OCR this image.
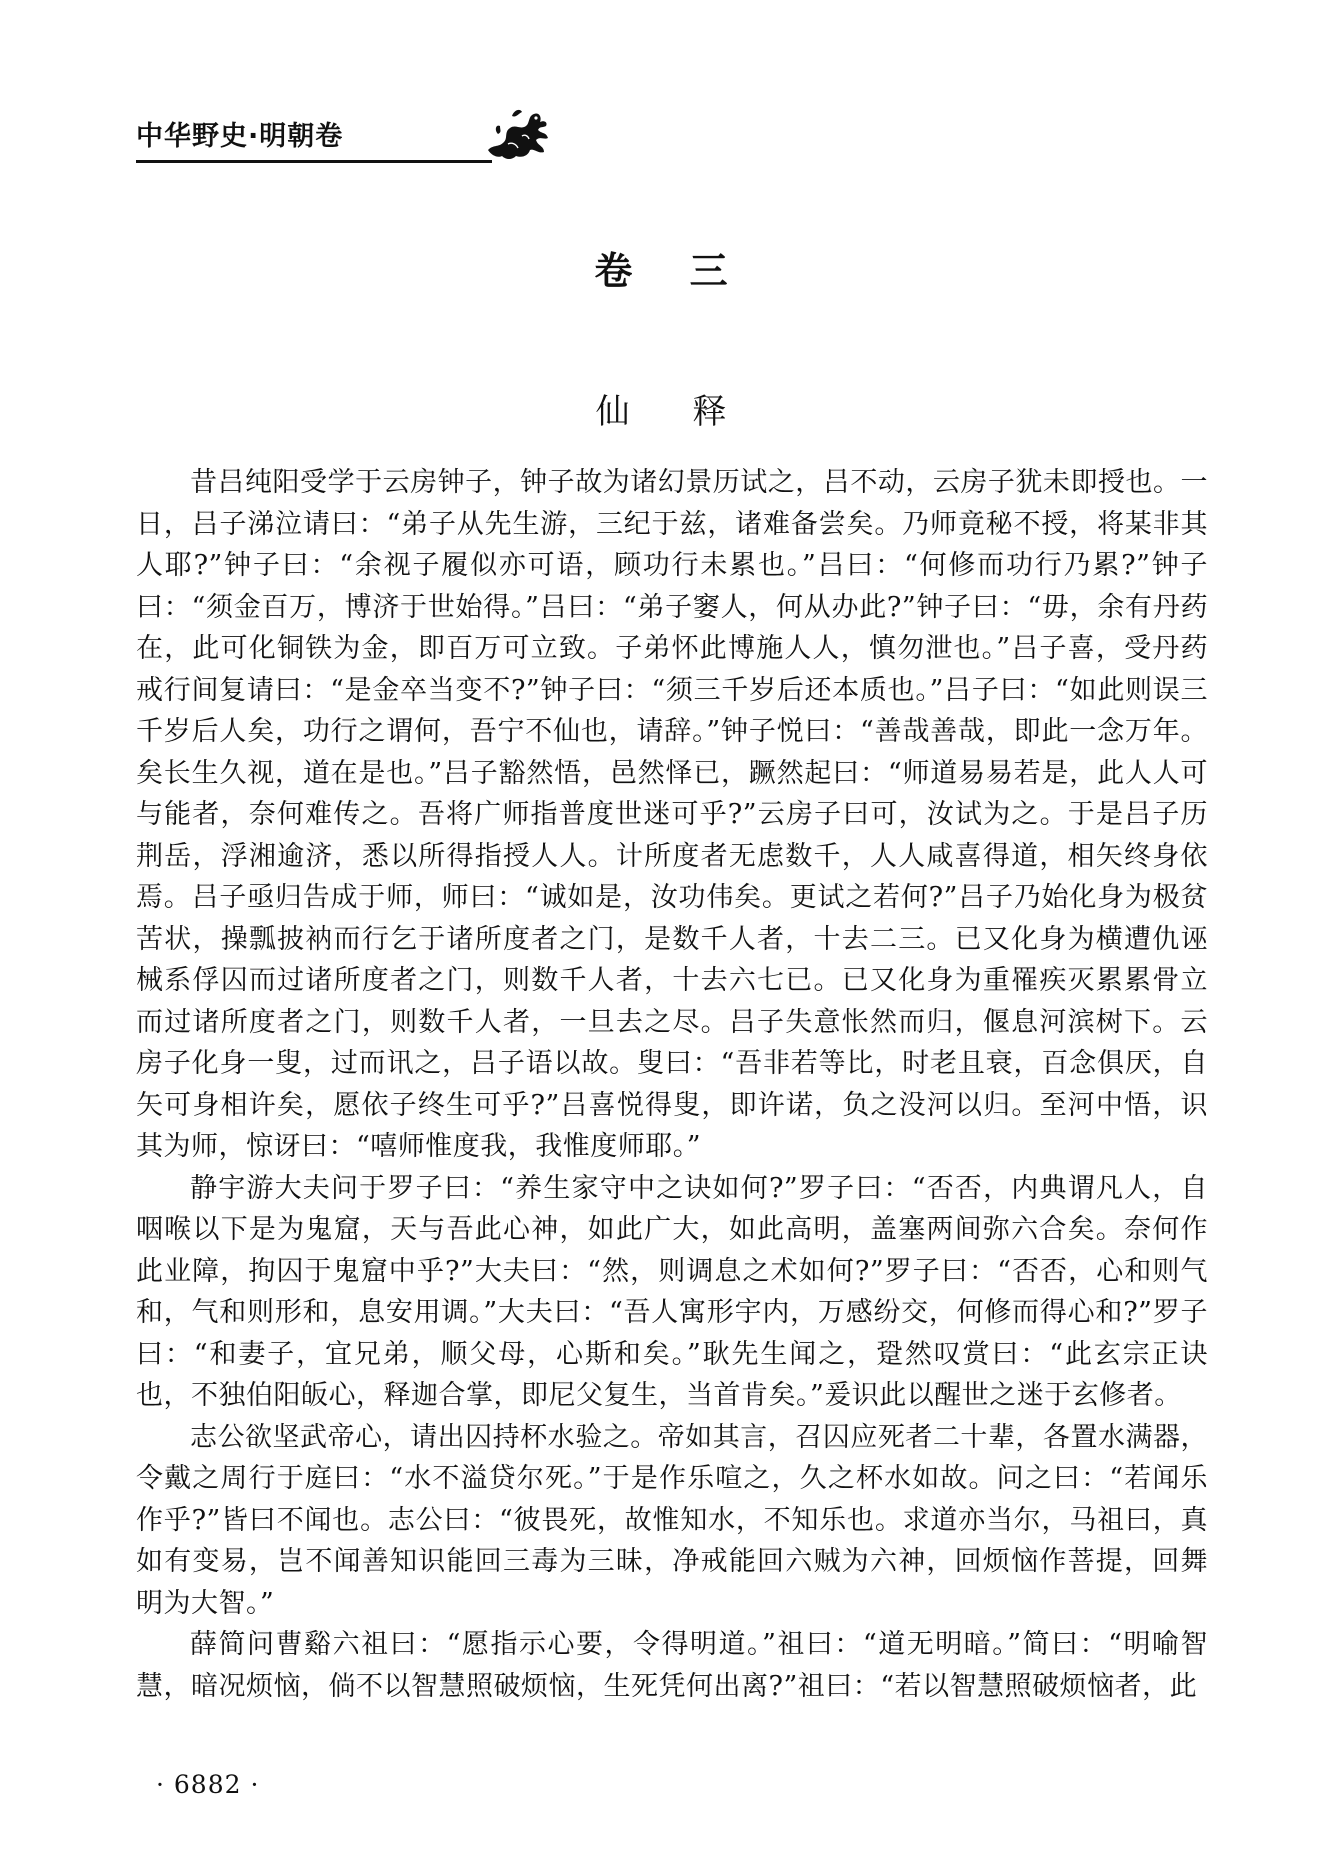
中华野史·明朝卷
卷 三
仙 释

昔吕纯阳受学于云房钟子，钟子故为诸幻景历试之，吕不动，云房子犹未即授也。一日，吕子涕泣请曰：“弟子从先生游，三纪于兹，诸难备尝矣。乃师竟秘不授，将某非其人耶?”钟子曰：“余视子履似亦可语，顾功行未累也。”吕曰：“何修而功行乃累?”钟子曰：“须金百万，博济于世始得。”吕曰：“弟子窭人，何从办此?”钟子曰：“毋，余有丹药在，此可化铜铁为金，即百万可立致。子弟怀此博施人人，慎勿泄也。”吕子喜，受丹药戒行间复请曰：“是金卒当变不?”钟子曰：“须三千岁后还本质也。”吕子曰：“如此则误三千岁后人矣，功行之谓何，吾宁不仙也，请辞。”钟子悦曰：“善哉善哉，即此一念万年。矣长生久视，道在是也。”吕子豁然悟，邑然怿已，蹶然起曰：“师道易易若是，此人人可与能者，奈何难传之。吾将广师指普度世迷可乎?”云房子曰可，汝试为之。于是吕子历荆岳，浮湘逾济，悉以所得指授人人。计所度者无虑数千，人人咸喜得道，相矢终身依焉。吕子亟归告成于师，师曰：“诚如是，汝功伟矣。更试之若何?”吕子乃始化身为极贫苦状，操瓢披衲而行乞于诸所度者之门，是数千人者，十去二三。已又化身为横遭仇诬械系俘囚而过诸所度者之门，则数千人者，十去六七已。已又化身为重罹疾灭累累骨立而过诸所度者之门，则数千人者，一旦去之尽。吕子失意怅然而归，偃息河滨树下。云房子化身一叟，过而讯之，吕子语以故。叟曰：“吾非若等比，时老且衰，百念俱厌，自矢可身相许矣，愿依子终生可乎?”吕喜悦得叟，即许诺，负之没河以归。至河中悟，识其为师，惊讶曰：“嘻师惟度我，我惟度师耶。”

静宇游大夫问于罗子曰：“养生家守中之诀如何?”罗子曰：“否否，内典谓凡人，自咽喉以下是为鬼窟，天与吾此心神，如此广大，如此高明，盖塞两间弥六合矣。奈何作此业障，拘囚于鬼窟中乎?”大夫曰：“然，则调息之术如何?”罗子曰：“否否，心和则气和，气和则形和，息安用调。”大夫曰：“吾人寓形宇内，万感纷交，何修而得心和?”罗子曰：“和妻子，宜兄弟，顺父母，心斯和矣。”耿先生闻之，跫然叹赏曰：“此玄宗正诀也，不独伯阳皈心，释迦合掌，即尼父复生，当首肯矣。”爰识此以醒世之迷于玄修者。

志公欲坚武帝心，请出囚持杯水验之。帝如其言，召囚应死者二十辈，各置水满器，令戴之周行于庭曰：“水不溢贷尔死。”于是作乐喧之，久之杯水如故。问之曰：“若闻乐作乎?”皆曰不闻也。志公曰：“彼畏死，故惟知水，不知乐也。求道亦当尔，马祖曰，真如有变易，岂不闻善知识能回三毒为三昧，净戒能回六贼为六神，回烦恼作菩提，回舞明为大智。”

薛简问曹谿六祖曰：“愿指示心要，令得明道。”祖曰：“道无明暗。”简曰：“明喻智慧，暗况烦恼，倘不以智慧照破烦恼，生死凭何出离?”祖曰：“若以智慧照破烦恼者，此

· 6882 ·
